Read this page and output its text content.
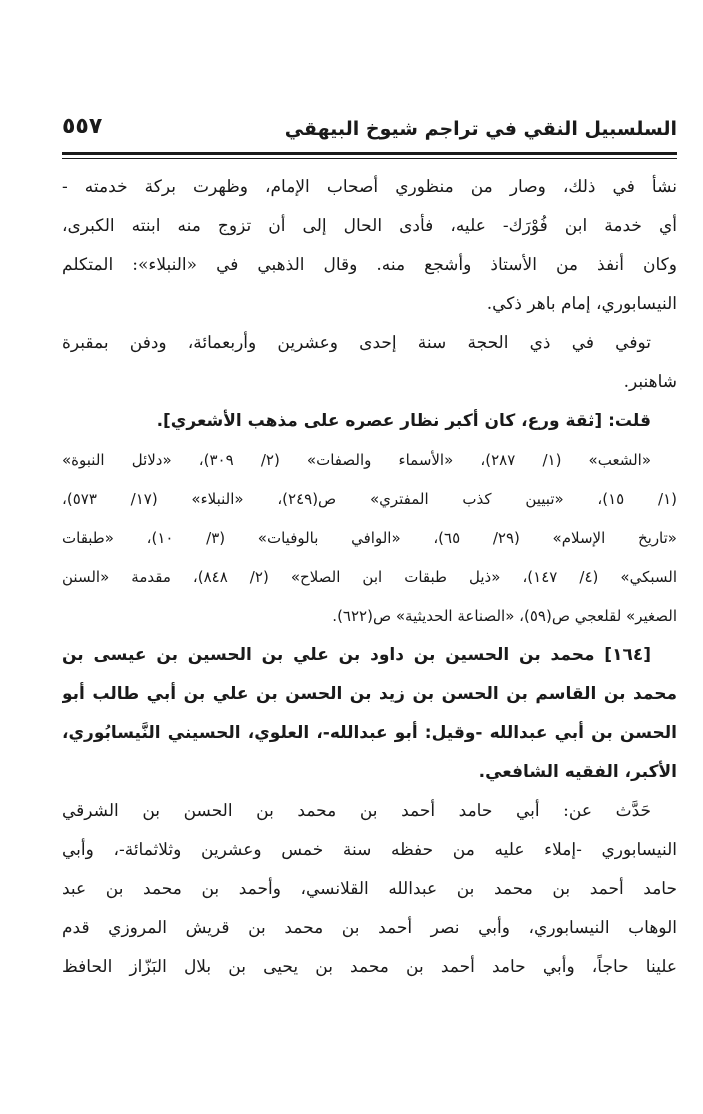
السلسبيل النقي في تراجم شيوخ البيهقي
٥٥٧
نشأ في ذلك، وصار من منظوري أصحاب الإمام، وظهرت بركة خدمته -
أي خدمة ابن فُوْرَك- عليه، فأدى الحال إلى أن تزوج منه ابنته الكبرى،
وكان أنفذ من الأستاذ وأشجع منه. وقال الذهبي في «النبلاء»: المتكلم
النيسابوري، إمام باهر ذكي.
توفي في ذي الحجة سنة إحدى وعشرين وأربعمائة، ودفن بمقبرة
شاهنبر.
قلت: [ثقة ورع، كان أكبر نظار عصره على مذهب الأشعري].
«الشعب» (١/ ٢٨٧)، «الأسماء والصفات» (٢/ ٣٠٩)، «دلائل النبوة»
(١/ ١٥)، «تبيين كذب المفتري» ص(٢٤٩)، «النبلاء» (١٧/ ٥٧٣)،
«تاريخ الإسلام» (٢٩/ ٦٥)، «الوافي بالوفيات» (٣/ ١٠)، «طبقات
السبكي» (٤/ ١٤٧)، «ذيل طبقات ابن الصلاح» (٢/ ٨٤٨)، مقدمة «السنن
الصغير» لقلعجي ص(٥٩)، «الصناعة الحديثية» ص(٦٢٢).
[١٦٤] محمد بن الحسين بن داود بن علي بن الحسين بن عيسى بن
محمد بن القاسم بن الحسن بن زيد بن الحسن بن علي بن أبي طالب أبو
الحسن بن أبي عبدالله -وقيل: أبو عبدالله-، العلوي، الحسيني النَّيسابُوري،
الأكبر، الفقيه الشافعي.
حَدَّث عن: أبي حامد أحمد بن محمد بن الحسن بن الشرقي
النيسابوري -إملاء عليه من حفظه سنة خمس وعشرين وثلاثمائة-، وأبي
حامد أحمد بن محمد بن عبدالله القلانسي، وأحمد بن محمد بن عبد
الوهاب النيسابوري، وأبي نصر أحمد بن محمد بن قريش المروزي قدم
علينا حاجاً، وأبي حامد أحمد بن محمد بن يحيى بن بلال البَزّاز الحافظ
